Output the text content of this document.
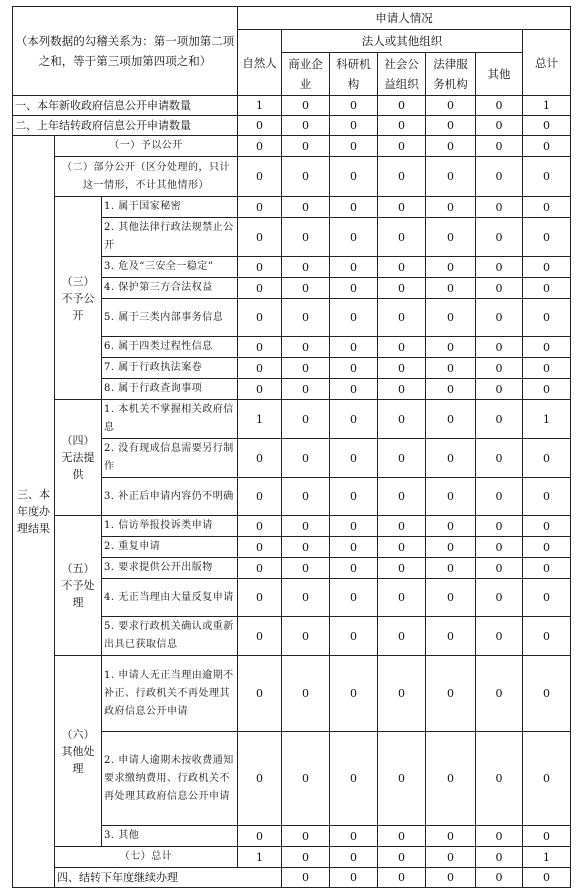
（本列数据的勾稽关系为：第一项加第二项之和，等于第三项加第四项之和）			申请人情况							
			自然人	法人或其他组织					总计	
				商业企业	科研机构	社会公益组织	法律服务机构	其他		
一、本年新收政府信息公开申请数量			1	0	0	0	0	0	1	
二、上年结转政府信息公开申请数量			0	0	0	0	0	0	0	
三、本年度办理结果	（一）予以公开		0	0	0	0	0	0	0	
	（二）部分公开（区分处理的，只计这一情形，不计其他情形）		0	0	0	0	0	0	0	
	（三）不予公开	1. 属于国家秘密	0	0	0	0	0	0	0	
		2. 其他法律行政法规禁止公开	0	0	0	0	0	0	0	
		3. 危及“三安全一稳定”	0	0	0	0	0	0	0	
		4. 保护第三方合法权益	0	0	0	0	0	0	0	
		5. 属于三类内部事务信息	0	0	0	0	0	0	0	
		6. 属于四类过程性信息	0	0	0	0	0	0	0	
		7. 属于行政执法案卷	0	0	0	0	0	0	0	
		8. 属于行政查询事项	0	0	0	0	0	0	0	
	（四）无法提供	1. 本机关不掌握相关政府信息	1	0	0	0	0	0	1	
		2. 没有现成信息需要另行制作	0	0	0	0	0	0	0	
		3. 补正后申请内容仍不明确	0	0	0	0	0	0	0	
	（五）不予处理	1. 信访举报投诉类申请	0	0	0	0	0	0	0	
		2. 重复申请	0	0	0	0	0	0	0	
		3. 要求提供公开出版物	0	0	0	0	0	0	0	
		4. 无正当理由大量反复申请	0	0	0	0	0	0	0	
		5. 要求行政机关确认或重新出具已获取信息	0	0	0	0	0	0	0	
	（六）其他处理	1. 申请人无正当理由逾期不补正、行政机关不再处理其政府信息公开申请	0	0	0	0	0	0	0	
		2. 申请人逾期未按收费通知要求缴纳费用、行政机关不再处理其政府信息公开申请	0	0	0	0	0	0	0	
		3. 其他	0	0	0	0	0	0	0	
	（七）总计		1	0	0	0	0	0	1	
	四、结转下年度继续办理			0	0	0	0	0	0	
